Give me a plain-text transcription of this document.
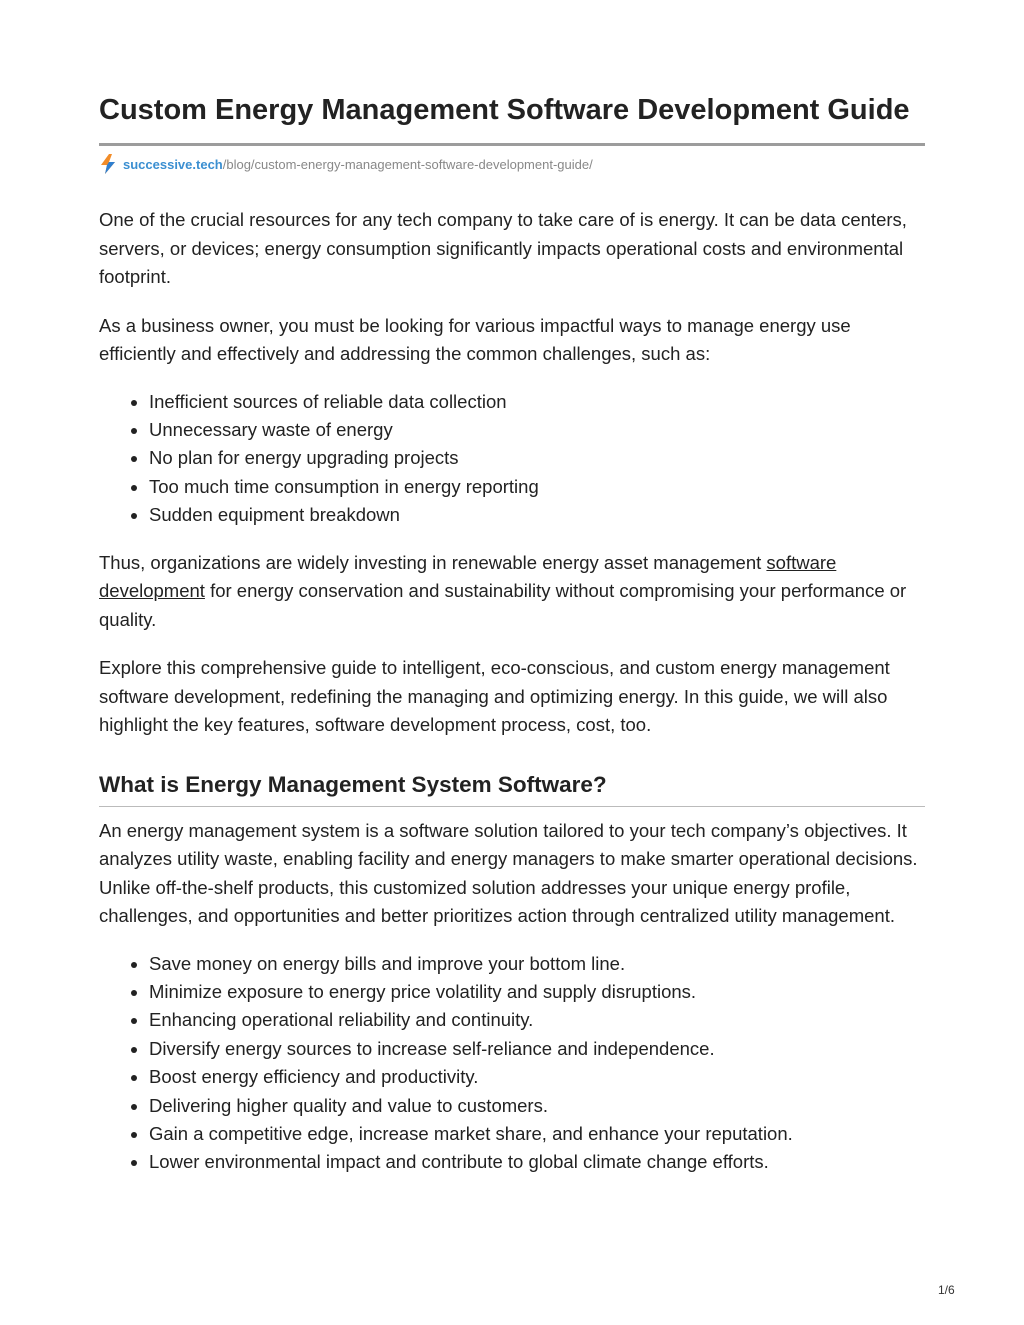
Custom Energy Management Software Development Guide
successive.tech/blog/custom-energy-management-software-development-guide/

One of the crucial resources for any tech company to take care of is energy. It can be data centers, servers, or devices; energy consumption significantly impacts operational costs and environmental footprint.

As a business owner, you must be looking for various impactful ways to manage energy use efficiently and effectively and addressing the common challenges, such as:

Inefficient sources of reliable data collection
Unnecessary waste of energy
No plan for energy upgrading projects
Too much time consumption in energy reporting
Sudden equipment breakdown

Thus, organizations are widely investing in renewable energy asset management software development for energy conservation and sustainability without compromising your performance or quality.

Explore this comprehensive guide to intelligent, eco-conscious, and custom energy management software development, redefining the managing and optimizing energy. In this guide, we will also highlight the key features, software development process, cost, too.

What is Energy Management System Software?

An energy management system is a software solution tailored to your tech company’s objectives. It analyzes utility waste, enabling facility and energy managers to make smarter operational decisions. Unlike off-the-shelf products, this customized solution addresses your unique energy profile, challenges, and opportunities and better prioritizes action through centralized utility management.

Save money on energy bills and improve your bottom line.
Minimize exposure to energy price volatility and supply disruptions.
Enhancing operational reliability and continuity.
Diversify energy sources to increase self-reliance and independence.
Boost energy efficiency and productivity.
Delivering higher quality and value to customers.
Gain a competitive edge, increase market share, and enhance your reputation.
Lower environmental impact and contribute to global climate change efforts.
1/6
